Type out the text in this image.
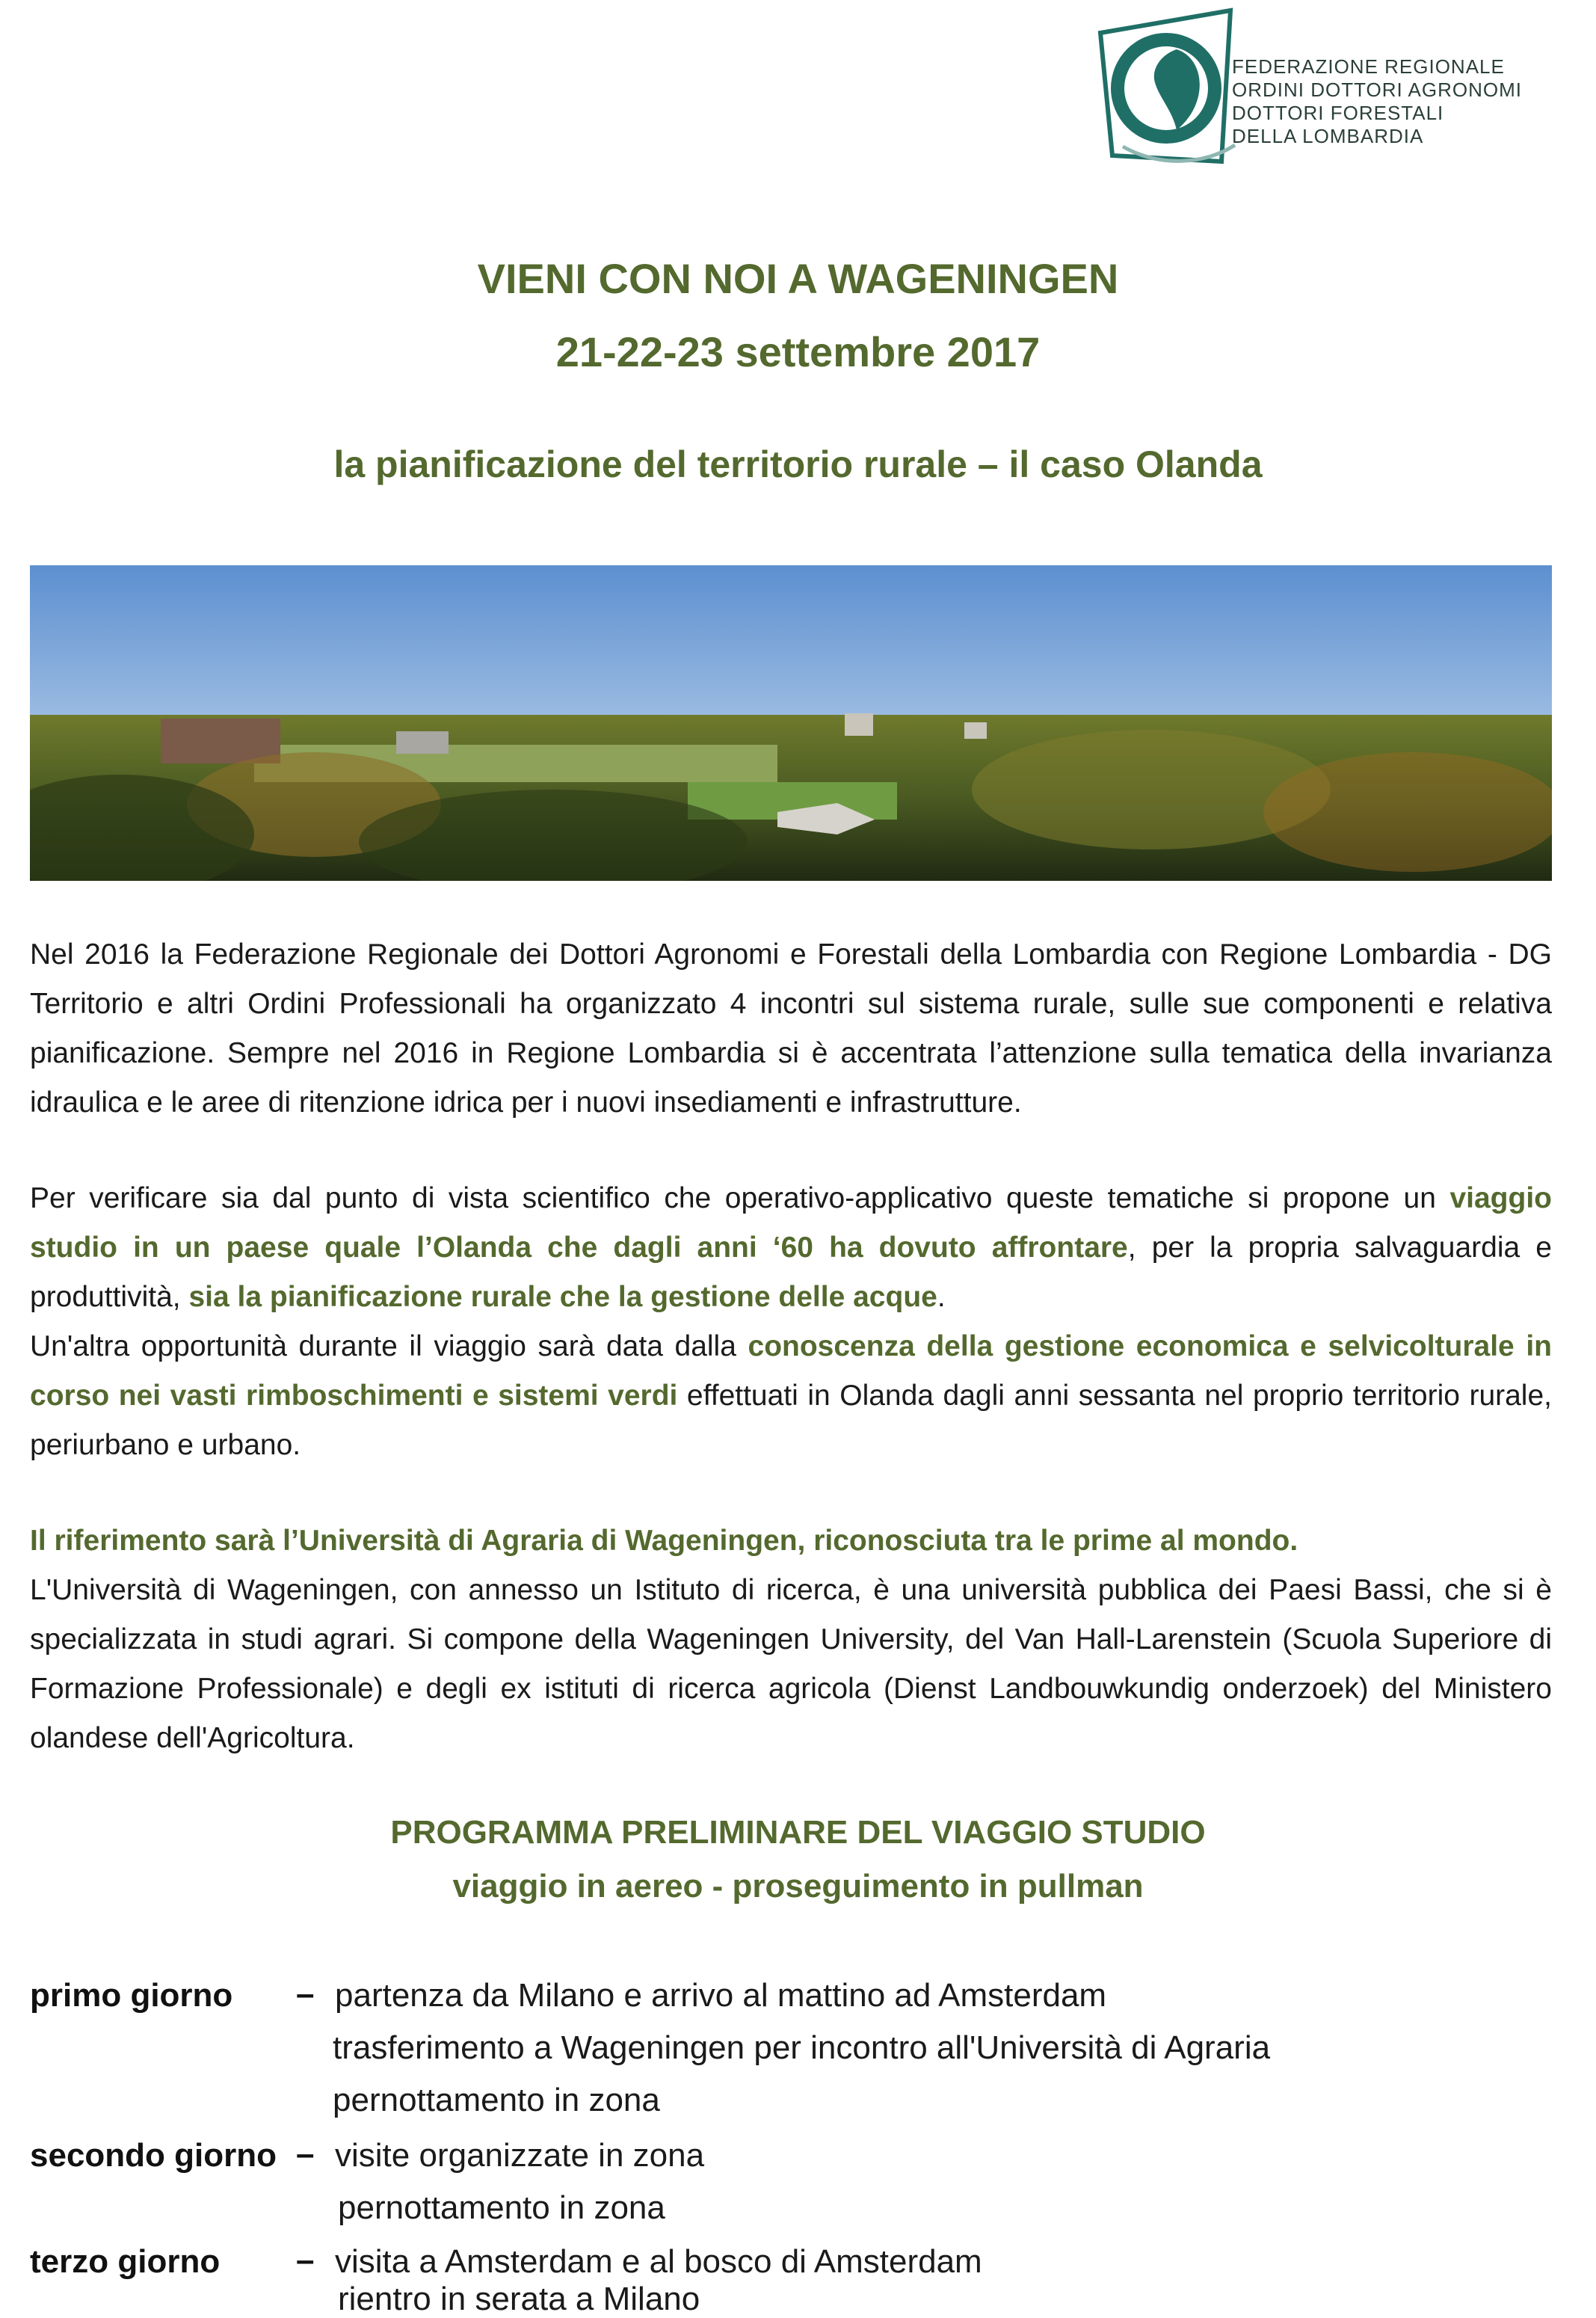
FEDERAZIONE REGIONALE
ORDINI DOTTORI AGRONOMI
DOTTORI FORESTALI
DELLA LOMBARDIA
VIENI CON NOI A WAGENINGEN
21-22-23 settembre 2017
la pianificazione del territorio rurale – il caso Olanda
Nel 2016 la Federazione Regionale dei Dottori Agronomi e Forestali della Lombardia con Regione Lombardia - DG Territorio e altri Ordini Professionali ha organizzato 4 incontri sul sistema rurale, sulle sue componenti e relativa pianificazione. Sempre nel 2016 in Regione Lombardia si è accentrata l’attenzione sulla tematica della invarianza idraulica e le aree di ritenzione idrica per i nuovi insediamenti e infrastrutture.
Per verificare sia dal punto di vista scientifico che operativo-applicativo queste tematiche si propone un viaggio studio in un paese quale l’Olanda che dagli anni ‘60 ha dovuto affrontare, per la propria salvaguardia e produttività, sia la pianificazione rurale che la gestione delle acque.
Un'altra opportunità durante il viaggio sarà data dalla conoscenza della gestione economica e selvicolturale in corso nei vasti rimboschimenti e sistemi verdi effettuati in Olanda dagli anni sessanta nel proprio territorio rurale, periurbano e urbano.
Il riferimento sarà l’Università di Agraria di Wageningen, riconosciuta tra le prime al mondo.
L'Università di Wageningen, con annesso un Istituto di ricerca, è una università pubblica dei Paesi Bassi, che si è specializzata in studi agrari. Si compone della Wageningen University, del Van Hall-Larenstein (Scuola Superiore di Formazione Professionale) e degli ex istituti di ricerca agricola (Dienst Landbouwkundig onderzoek) del Ministero olandese dell'Agricoltura.
PROGRAMMA PRELIMINARE DEL VIAGGIO STUDIO
viaggio in aereo - proseguimento in pullman
primo giorno – partenza da Milano e arrivo al mattino ad Amsterdam
trasferimento a Wageningen per incontro all'Università di Agraria
pernottamento in zona
secondo giorno – visite organizzate in zona
pernottamento in zona
terzo giorno – visita a Amsterdam e al bosco di Amsterdam
rientro in serata a Milano
